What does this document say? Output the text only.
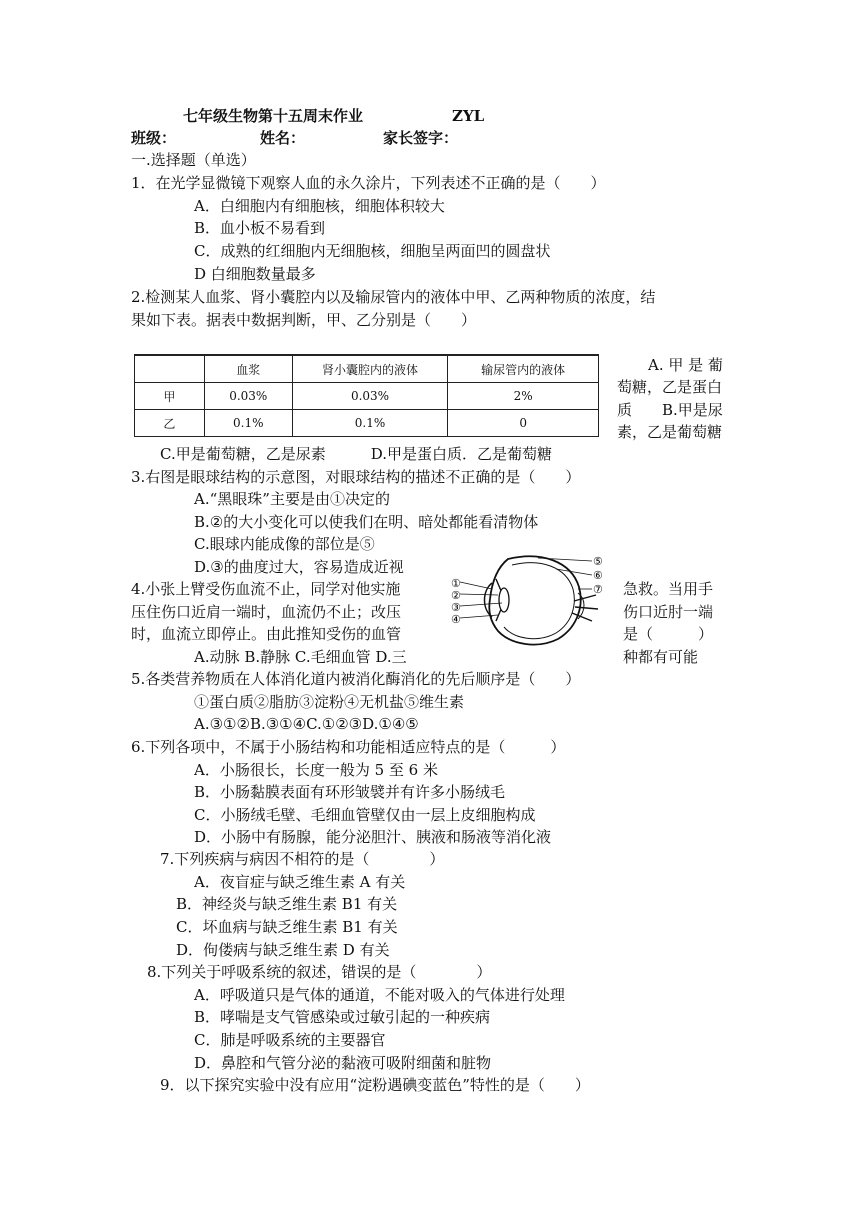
七年级生物第十五周末作业	ZYL
班级：	姓名：	家长签字：
一.选择题（单选）
1．在光学显微镜下观察人血的永久涂片，下列表述不正确的是（　　）
A．白细胞内有细胞核，细胞体积较大
B．血小板不易看到
C．成熟的红细胞内无细胞核，细胞呈两面凹的圆盘状
D 白细胞数量最多
2.检测某人血浆、肾小囊腔内以及输尿管内的液体中甲、乙两种物质的浓度，结
果如下表。据表中数据判断，甲、乙分别是（　　）
	血浆	肾小囊腔内的液体	输尿管内的液体
甲	0.03%	0.03%	2%
乙	0.1%	0.1%	0
A. 甲 是 葡
萄糖，乙是蛋白
质　　B.甲是尿
素，乙是葡萄糖
C.甲是葡萄糖，乙是尿素　　　D.甲是蛋白质．乙是葡萄糖
3.右图是眼球结构的示意图，对眼球结构的描述不正确的是（　　）
A.“黑眼珠”主要是由①决定的
B.②的大小变化可以使我们在明、暗处都能看清物体
C.眼球内能成像的部位是⑤
D.③的曲度过大，容易造成近视
①
②
③
④
⑤
⑥
⑦
4.小张上臂受伤血流不止，同学对他实施	急救。当用手
压住伤口近肩一端时，血流仍不止；改压	伤口近肘一端
时，血流立即停止。由此推知受伤的血管	是（　　　）
A.动脉 B.静脉 C.毛细血管 D.三	种都有可能
5.各类营养物质在人体消化道内被消化酶消化的先后顺序是（　　）
①蛋白质②脂肪③淀粉④无机盐⑤维生素
A.③①②B.③①④C.①②③D.①④⑤
6.下列各项中，不属于小肠结构和功能相适应特点的是（　　　）
A．小肠很长，长度一般为 5 至 6 米
B．小肠黏膜表面有环形皱襞并有许多小肠绒毛
C．小肠绒毛壁、毛细血管壁仅由一层上皮细胞构成
D．小肠中有肠腺，能分泌胆汁、胰液和肠液等消化液
7.下列疾病与病因不相符的是（　　　　）
A．夜盲症与缺乏维生素 A 有关
B．神经炎与缺乏维生素 B1 有关
C．坏血病与缺乏维生素 B1 有关
D．佝偻病与缺乏维生素 D 有关
8.下列关于呼吸系统的叙述，错误的是（　　　　）
A．呼吸道只是气体的通道，不能对吸入的气体进行处理
B．哮喘是支气管感染或过敏引起的一种疾病
C．肺是呼吸系统的主要器官
D．鼻腔和气管分泌的黏液可吸附细菌和脏物
9．以下探究实验中没有应用“淀粉遇碘变蓝色”特性的是（　　）
